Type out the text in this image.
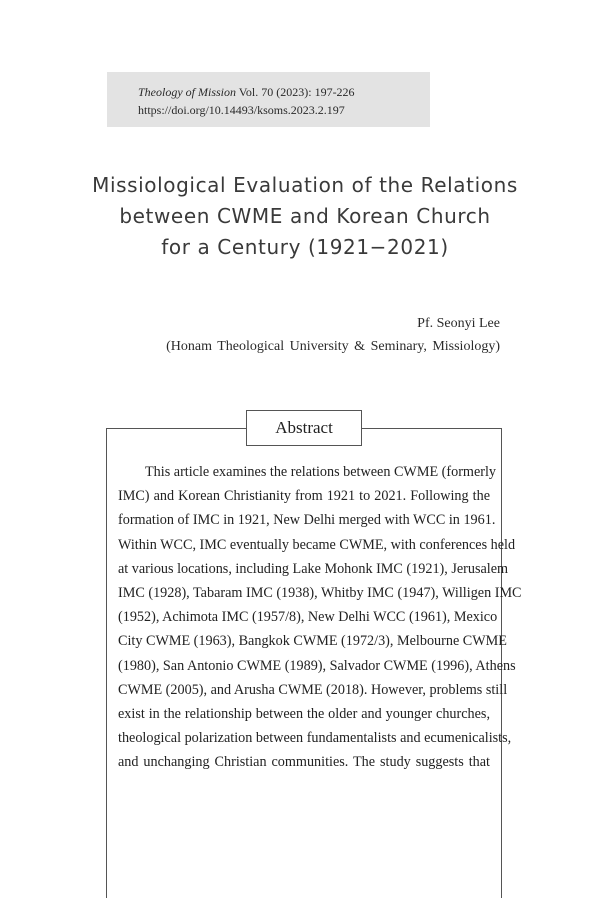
Theology of Mission Vol. 70 (2023): 197-226
https://doi.org/10.14493/ksoms.2023.2.197
Missiological Evaluation of the Relations
between CWME and Korean Church
for a Century (1921−2021)
Pf. Seonyi Lee
(Honam Theological University & Seminary, Missiology)
Abstract
This article examines the relations between CWME (formerly
IMC) and Korean Christianity from 1921 to 2021. Following the
formation of IMC in 1921, New Delhi merged with WCC in 1961.
Within WCC, IMC eventually became CWME, with conferences held
at various locations, including Lake Mohonk IMC (1921), Jerusalem
IMC (1928), Tabaram IMC (1938), Whitby IMC (1947), Willigen IMC
(1952), Achimota IMC (1957/8), New Delhi WCC (1961), Mexico
City CWME (1963), Bangkok CWME (1972/3), Melbourne CWME
(1980), San Antonio CWME (1989), Salvador CWME (1996), Athens
CWME (2005), and Arusha CWME (2018). However, problems still
exist in the relationship between the older and younger churches,
theological polarization between fundamentalists and ecumenicalists,
and unchanging Christian communities. The study suggests that
